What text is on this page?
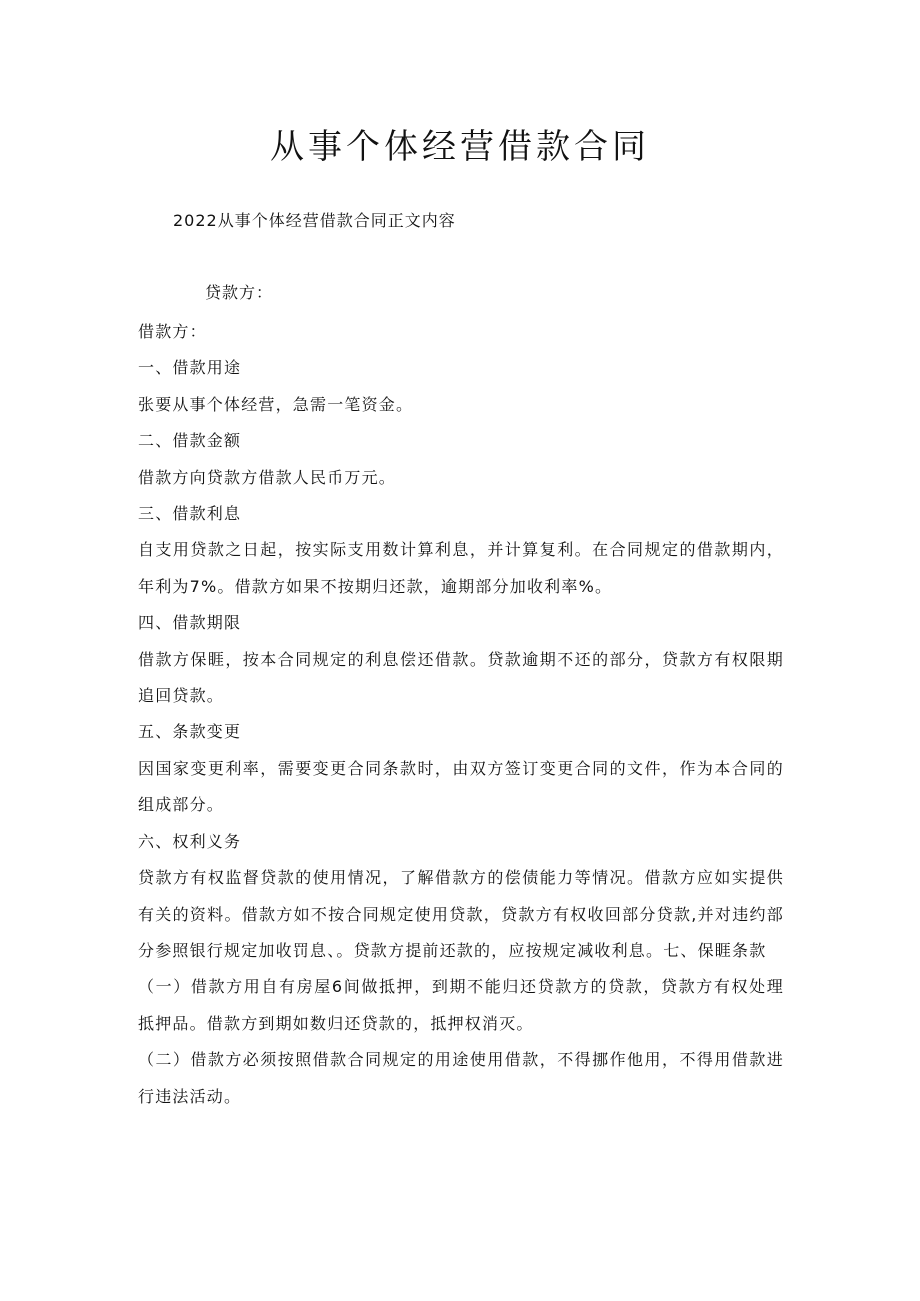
从事个体经营借款合同

2022从事个体经营借款合同正文内容

贷款方：

借款方：

一、借款用途

张要从事个体经营，急需一笔资金。

二、借款金额

借款方向贷款方借款人民币万元。

三、借款利息

自支用贷款之日起，按实际支用数计算利息，并计算复利。在合同规定的借款期内，年利为7%。借款方如果不按期归还款，逾期部分加收利率%。

四、借款期限

借款方保睚，按本合同规定的利息偿还借款。贷款逾期不还的部分，贷款方有权限期追回贷款。

五、条款变更

因国家变更利率，需要变更合同条款时，由双方签订变更合同的文件，作为本合同的组成部分。

六、权利义务

贷款方有权监督贷款的使用情况，了解借款方的偿债能力等情况。借款方应如实提供有关的资料。借款方如不按合同规定使用贷款，贷款方有权收回部分贷款,并对违约部分参照银行规定加收罚息、。贷款方提前还款的，应按规定减收利息。七、保睚条款

（一）借款方用自有房屋6间做抵押，到期不能归还贷款方的贷款，贷款方有权处理抵押品。借款方到期如数归还贷款的，抵押权消灭。

（二）借款方必须按照借款合同规定的用途使用借款，不得挪作他用，不得用借款进行违法活动。
